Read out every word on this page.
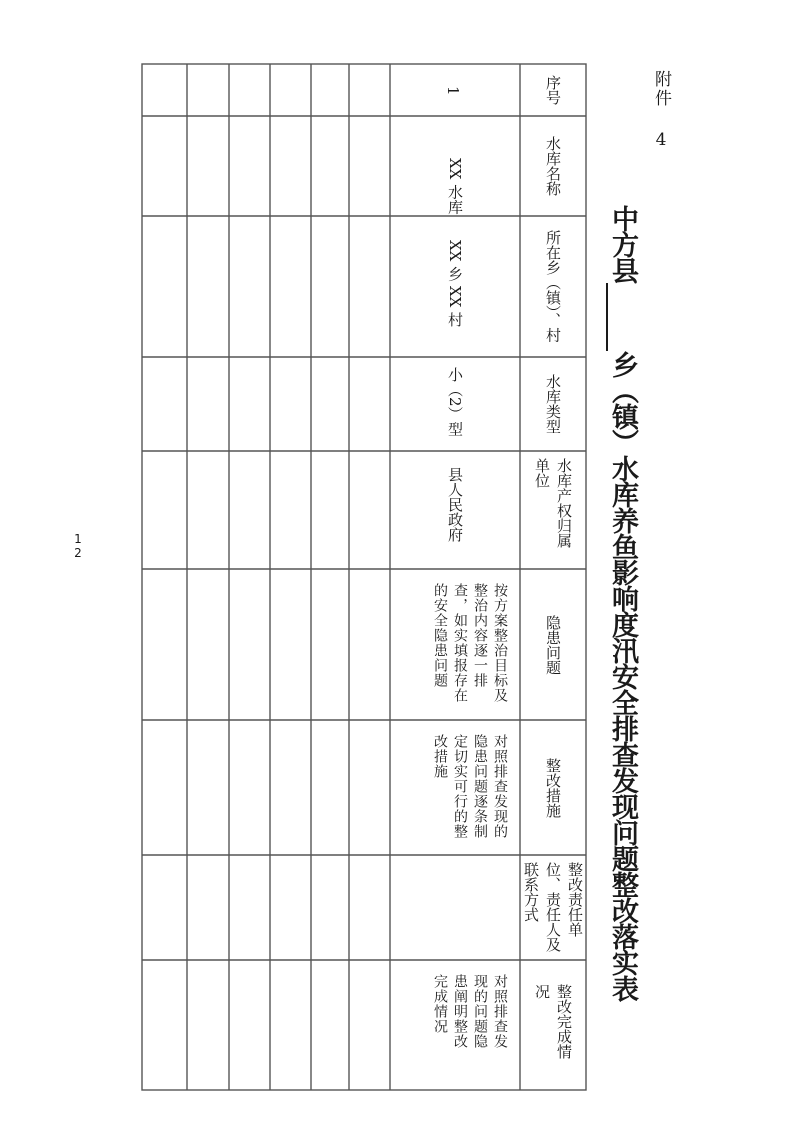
附件 4
中方县乡（镇）水库养鱼影响度汛安全排查发现问题整改落实表
12
序号
水库名称
所在乡（镇）、村
水库类型
水库产权归属单位
隐患问题
整改措施
整改责任单位、责任人及联系方式
整改完成情况
1
XX 水库
XX 乡 XX 村
小（2）型
县人民政府
按方案整治目标及整治内容逐一排查，如实填报存在的安全隐患问题
对照排查发现的隐患问题逐条制定切实可行的整改措施
对照排查发现的问题隐患阐明整改完成情况
